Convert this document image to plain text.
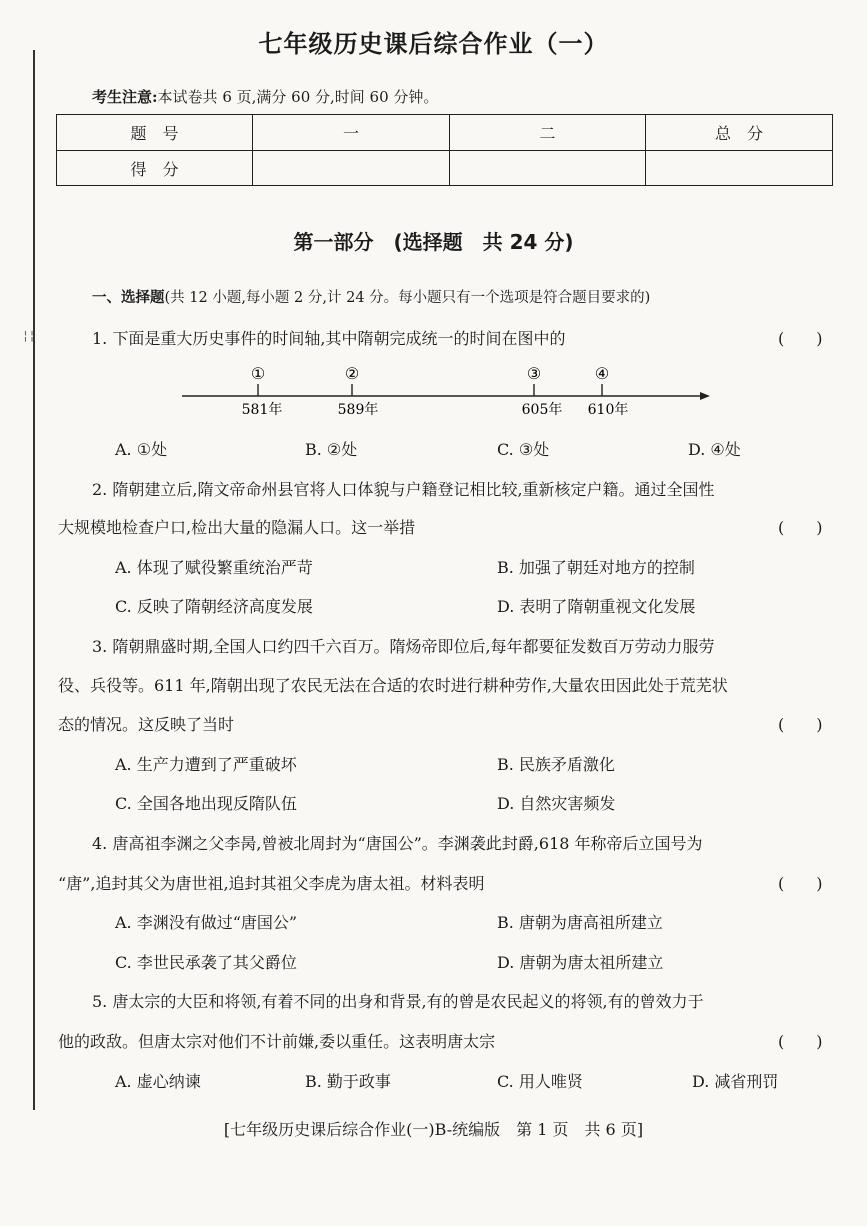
╎╎
七年级历史课后综合作业（一）
考生注意:本试卷共 6 页,满分 60 分,时间 60 分钟。
题　号	一	二	总　分
得　分			
第一部分　(选择题　共 24 分)
一、选择题(共 12 小题,每小题 2 分,计 24 分。每小题只有一个选项是符合题目要求的)
1. 下面是重大历史事件的时间轴,其中隋朝完成统一的时间在图中的	(　　)
①	②	③	④
581年	589年	605年 610年
A. ①处	B. ②处	C. ③处	D. ④处
2. 隋朝建立后,隋文帝命州县官将人口体貌与户籍登记相比较,重新核定户籍。通过全国性
大规模地检查户口,检出大量的隐漏人口。这一举措	(　　)
A. 体现了赋役繁重统治严苛	B. 加强了朝廷对地方的控制
C. 反映了隋朝经济高度发展	D. 表明了隋朝重视文化发展
3. 隋朝鼎盛时期,全国人口约四千六百万。隋炀帝即位后,每年都要征发数百万劳动力服劳
役、兵役等。611 年,隋朝出现了农民无法在合适的农时进行耕种劳作,大量农田因此处于荒芜状
态的情况。这反映了当时	(　　)
A. 生产力遭到了严重破坏	B. 民族矛盾激化
C. 全国各地出现反隋队伍	D. 自然灾害频发
4. 唐高祖李渊之父李昺,曾被北周封为“唐国公”。李渊袭此封爵,618 年称帝后立国号为
“唐”,追封其父为唐世祖,追封其祖父李虎为唐太祖。材料表明	(　　)
A. 李渊没有做过“唐国公”	B. 唐朝为唐高祖所建立
C. 李世民承袭了其父爵位	D. 唐朝为唐太祖所建立
5. 唐太宗的大臣和将领,有着不同的出身和背景,有的曾是农民起义的将领,有的曾效力于
他的政敌。但唐太宗对他们不计前嫌,委以重任。这表明唐太宗	(　　)
A. 虚心纳谏	B. 勤于政事	C. 用人唯贤	D. 减省刑罚
[七年级历史课后综合作业(一)B-统编版　第 1 页　共 6 页]
